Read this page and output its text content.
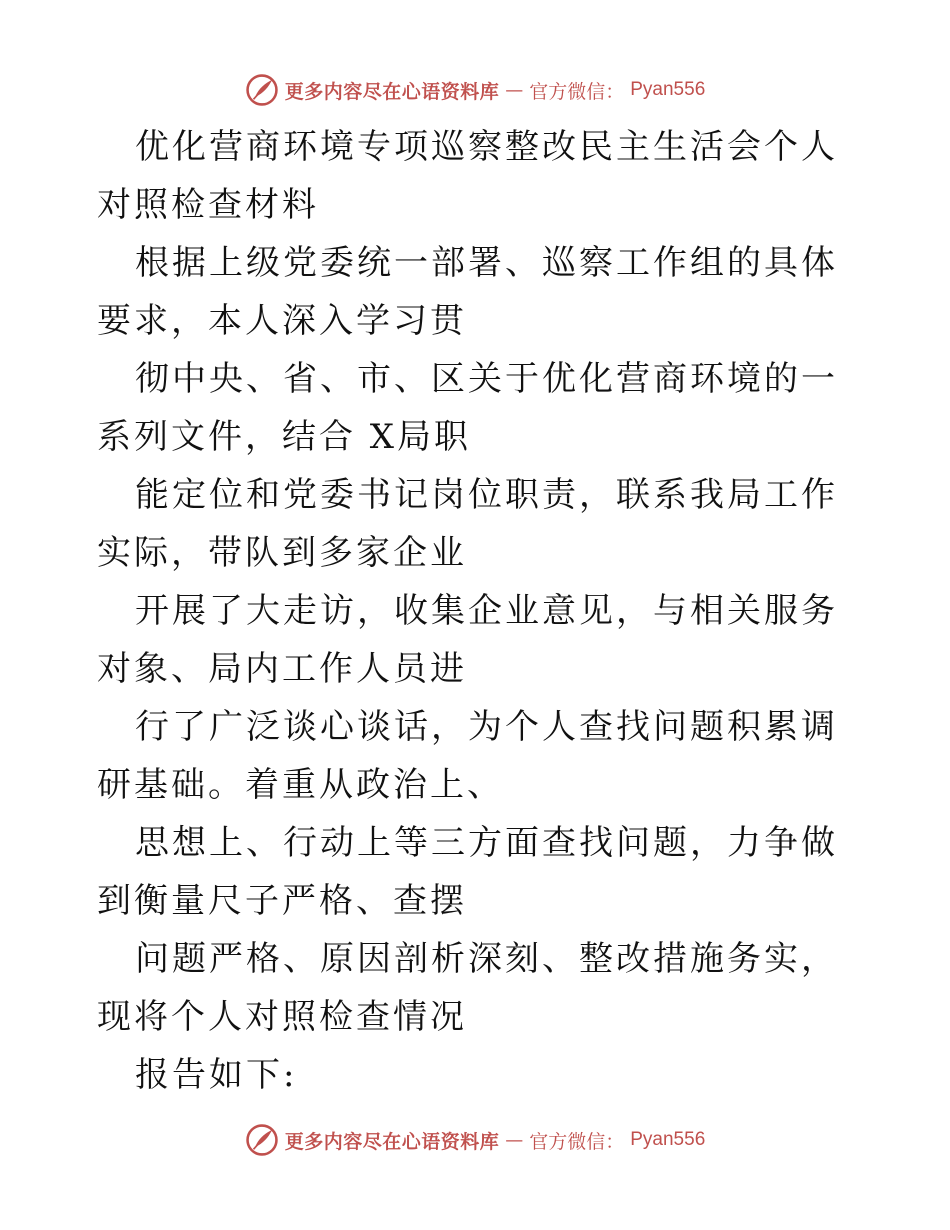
更多内容尽在心语资料库 — 官方微信： Pyan556

优化营商环境专项巡察整改民主生活会个人对照检查材料

根据上级党委统一部署、巡察工作组的具体要求，本人深入学习贯

彻中央、省、市、区关于优化营商环境的一系列文件，结合 X局职

能定位和党委书记岗位职责，联系我局工作实际，带队到多家企业

开展了大走访，收集企业意见，与相关服务对象、局内工作人员进

行了广泛谈心谈话，为个人查找问题积累调研基础。着重从政治上、

思想上、行动上等三方面查找问题，力争做到衡量尺子严格、查摆

问题严格、原因剖析深刻、整改措施务实，现将个人对照检查情况

报告如下:

更多内容尽在心语资料库 — 官方微信： Pyan556
